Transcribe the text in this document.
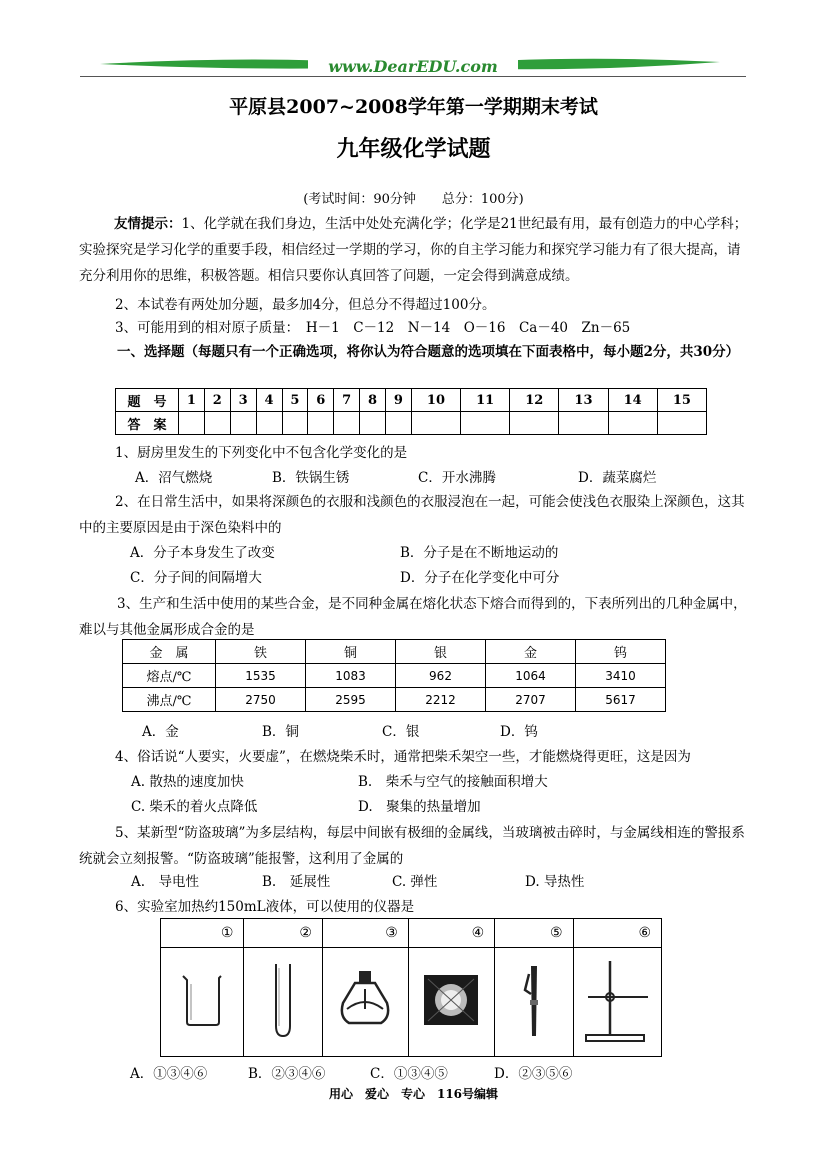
www.DearEDU.com
平原县2007~2008学年第一学期期末考试
九年级化学试题
(考试时间：90分钟　　总分：100分)
友情提示：1、化学就在我们身边，生活中处处充满化学；化学是21世纪最有用，最有创造力的中心学科；实验探究是学习化学的重要手段，相信经过一学期的学习，你的自主学习能力和探究学习能力有了很大提高，请充分利用你的思维，积极答题。相信只要你认真回答了问题，一定会得到满意成绩。
2、本试卷有两处加分题，最多加4分，但总分不得超过100分。
3、可能用到的相对原子质量：　H－1　C－12　N－14　O－16　Ca－40　Zn－65
一、选择题（每题只有一个正确选项，将你认为符合题意的选项填在下面表格中，每小题2分，共30分）
题　号	1	2	3	4	5	6	7	8	9	10	11	12	13	14	15
答　案															
1、厨房里发生的下列变化中不包含化学变化的是
A．沼气燃烧	B．铁锅生锈	C．开水沸腾	D．蔬菜腐烂
2、在日常生活中，如果将深颜色的衣服和浅颜色的衣服浸泡在一起，可能会使浅色衣服染上深颜色，这其中的主要原因是由于深色染料中的
A．分子本身发生了改变	B．分子是在不断地运动的
C．分子间的间隔增大	D．分子在化学变化中可分
3、生产和生活中使用的某些合金，是不同种金属在熔化状态下熔合而得到的，下表所列出的几种金属中，难以与其他金属形成合金的是
金　属	铁	铜	银	金	钨
熔点/℃	1535	1083	962	1064	3410
沸点/℃	2750	2595	2212	2707	5617
A．金	B．铜	C．银	D．钨
4、俗话说“人要实，火要虚”，在燃烧柴禾时，通常把柴禾架空一些，才能燃烧得更旺，这是因为
A. 散热的速度加快	B.　柴禾与空气的接触面积增大
C. 柴禾的着火点降低	D.　聚集的热量增加
5、某新型“防盗玻璃”为多层结构，每层中间嵌有极细的金属线，当玻璃被击碎时，与金属线相连的警报系统就会立刻报警。“防盗玻璃”能报警，这利用了金属的
A.　导电性	B.　延展性	C. 弹性	D. 导热性
6、实验室加热约150mL液体，可以使用的仪器是
①	②	③	④	⑤	⑥

A．①③④⑥	B．②③④⑥	C．①③④⑤	D．②③⑤⑥
用心　爱心　专心　116号编辑
